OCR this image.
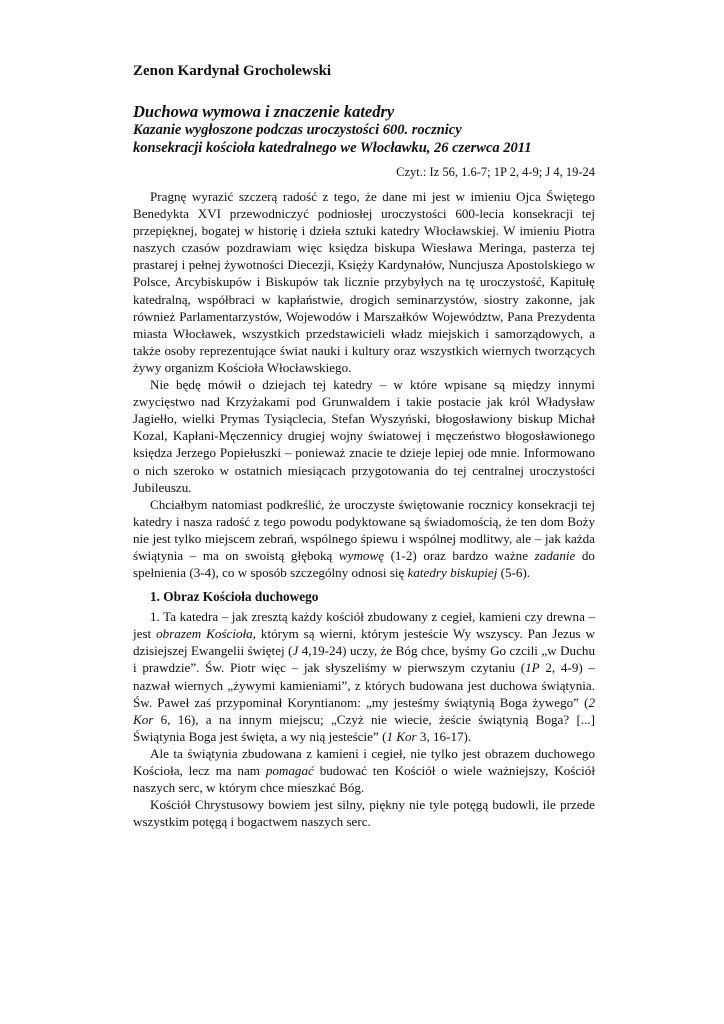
Zenon Kardynał Grocholewski
Duchowa wymowa i znaczenie katedry
Kazanie wygłoszone podczas uroczystości 600. rocznicy
konsekracji kościoła katedralnego we Włocławku, 26 czerwca 2011
Czyt.: Iz 56, 1.6-7; 1P 2, 4-9; J 4, 19-24

Pragnę wyrazić szczerą radość z tego, że dane mi jest w imieniu Ojca Świętego Benedykta XVI przewodniczyć podniosłej uroczystości 600-lecia konsekracji tej przepięknej, bogatej w historię i dzieła sztuki katedry Włocławskiej. W imieniu Piotra naszych czasów pozdrawiam więc księdza biskupa Wiesława Meringa, pasterza tej prastarej i pełnej żywotności Diecezji, Księży Kardynałów, Nuncjusza Apostolskiego w Polsce, Arcybiskupów i Biskupów tak licznie przybyłych na tę uroczystość, Kapitułę katedralną, współbraci w kapłaństwie, drogich seminarzystów, siostry zakonne, jak również Parlamentarzystów, Wojewodów i Marszałków Województw, Pana Prezydenta miasta Włocławek, wszystkich przedstawicieli władz miejskich i samorządowych, a także osoby reprezentujące świat nauki i kultury oraz wszystkich wiernych tworzących żywy organizm Kościoła Włocławskiego.

Nie będę mówił o dziejach tej katedry – w które wpisane są między innymi zwycięstwo nad Krzyżakami pod Grunwaldem i takie postacie jak król Władysław Jagiełło, wielki Prymas Tysiąclecia, Stefan Wyszyński, błogosławiony biskup Michał Kozal, Kapłani-Męczennicy drugiej wojny światowej i męczeństwo błogosławionego księdza Jerzego Popiełuszki – ponieważ znacie te dzieje lepiej ode mnie. Informowano o nich szeroko w ostatnich miesiącach przygotowania do tej centralnej uroczystości Jubileuszu.

Chciałbym natomiast podkreślić, że uroczyste świętowanie rocznicy konsekracji tej katedry i nasza radość z tego powodu podyktowane są świadomością, że ten dom Boży nie jest tylko miejscem zebrań, wspólnego śpiewu i wspólnej modlitwy, ale – jak każda świątynia – ma on swoistą głęboką wymowę (1-2) oraz bardzo ważne zadanie do spełnienia (3-4), co w sposób szczególny odnosi się katedry biskupiej (5-6).

1. Obraz Kościoła duchowego

1. Ta katedra – jak zresztą każdy kościół zbudowany z cegieł, kamieni czy drewna – jest obrazem Kościoła, którym są wierni, którym jesteście Wy wszyscy. Pan Jezus w dzisiejszej Ewangelii świętej (J 4,19-24) uczy, że Bóg chce, byśmy Go czcili „w Duchu i prawdzie”. Św. Piotr więc – jak słyszeliśmy w pierwszym czytaniu (1P 2, 4-9) – nazwał wiernych „żywymi kamieniami”, z których budowana jest duchowa świątynia. Św. Paweł zaś przypominał Koryntianom: „my jesteśmy świątynią Boga żywego” (2 Kor 6, 16), a na innym miejscu; „Czyż nie wiecie, żeście świątynią Boga? [...] Świątynia Boga jest święta, a wy nią jesteście” (1 Kor 3, 16-17).

Ale ta świątynia zbudowana z kamieni i cegieł, nie tylko jest obrazem duchowego Kościoła, lecz ma nam pomagać budować ten Kościół o wiele ważniejszy, Kościół naszych serc, w którym chce mieszkać Bóg.

Kościół Chrystusowy bowiem jest silny, piękny nie tyle potęgą budowli, ile przede wszystkim potęgą i bogactwem naszych serc.
